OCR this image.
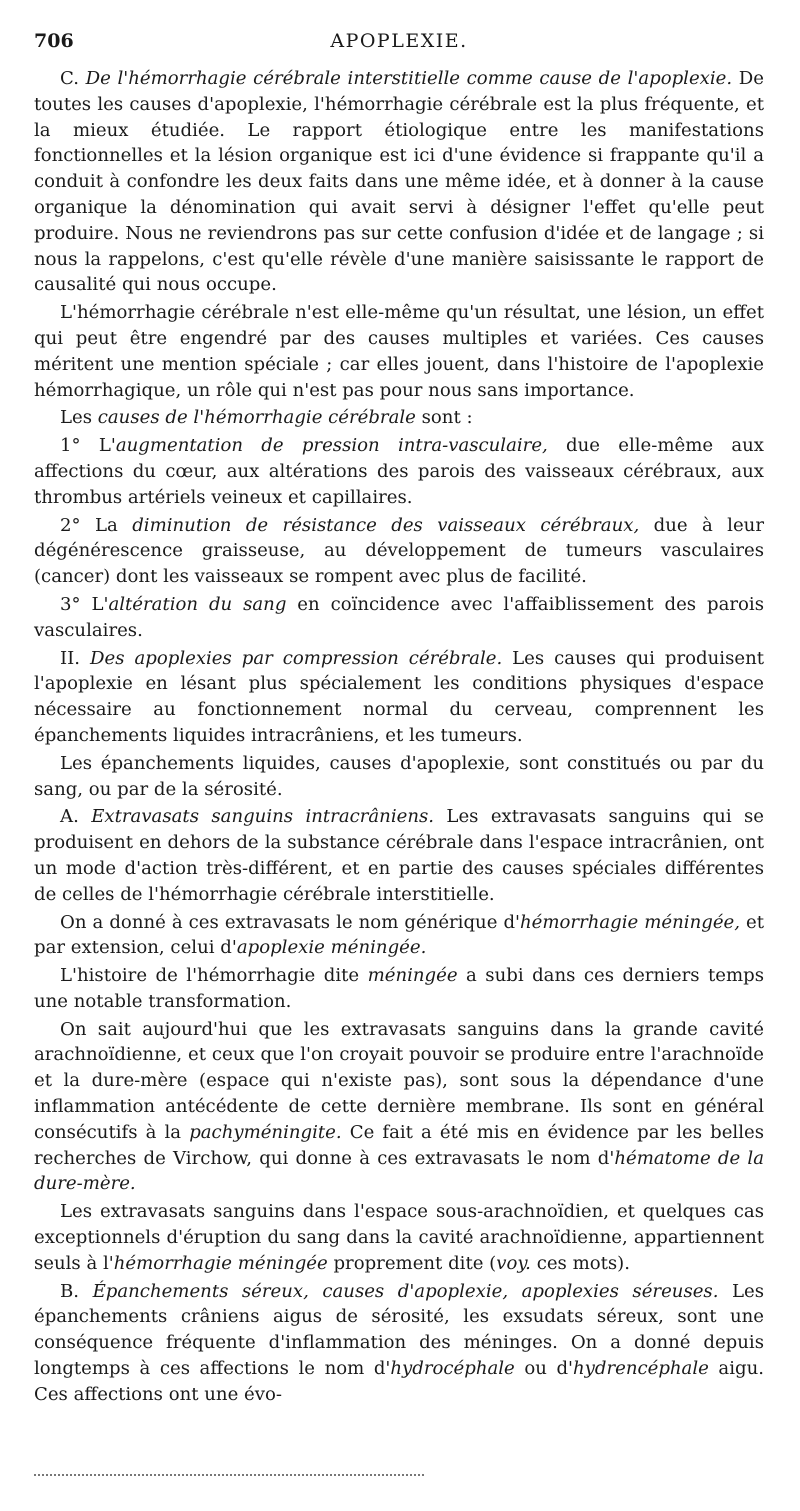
706	APOPLEXIE.

C. De l'hémorrhagie cérébrale interstitielle comme cause de l'apoplexie. De toutes les causes d'apoplexie, l'hémorrhagie cérébrale est la plus fréquente, et la mieux étudiée. Le rapport étiologique entre les manifestations fonctionnelles et la lésion organique est ici d'une évidence si frappante qu'il a conduit à confondre les deux faits dans une même idée, et à donner à la cause organique la dénomination qui avait servi à désigner l'effet qu'elle peut produire. Nous ne reviendrons pas sur cette confusion d'idée et de langage ; si nous la rappelons, c'est qu'elle révèle d'une manière saisissante le rapport de causalité qui nous occupe.

L'hémorrhagie cérébrale n'est elle-même qu'un résultat, une lésion, un effet qui peut être engendré par des causes multiples et variées. Ces causes méritent une mention spéciale ; car elles jouent, dans l'histoire de l'apoplexie hémorrhagique, un rôle qui n'est pas pour nous sans importance.

Les causes de l'hémorrhagie cérébrale sont :

1° L'augmentation de pression intra-vasculaire, due elle-même aux affections du cœur, aux altérations des parois des vaisseaux cérébraux, aux thrombus artériels veineux et capillaires.

2° La diminution de résistance des vaisseaux cérébraux, due à leur dégénérescence graisseuse, au développement de tumeurs vasculaires (cancer) dont les vaisseaux se rompent avec plus de facilité.

3° L'altération du sang en coïncidence avec l'affaiblissement des parois vasculaires.

II. Des apoplexies par compression cérébrale. Les causes qui produisent l'apoplexie en lésant plus spécialement les conditions physiques d'espace nécessaire au fonctionnement normal du cerveau, comprennent les épanchements liquides intracrâniens, et les tumeurs.

Les épanchements liquides, causes d'apoplexie, sont constitués ou par du sang, ou par de la sérosité.

A. Extravasats sanguins intracrâniens. Les extravasats sanguins qui se produisent en dehors de la substance cérébrale dans l'espace intracrânien, ont un mode d'action très-différent, et en partie des causes spéciales différentes de celles de l'hémorrhagie cérébrale interstitielle.

On a donné à ces extravasats le nom générique d'hémorrhagie méningée, et par extension, celui d'apoplexie méningée.

L'histoire de l'hémorrhagie dite méningée a subi dans ces derniers temps une notable transformation.

On sait aujourd'hui que les extravasats sanguins dans la grande cavité arachnoïdienne, et ceux que l'on croyait pouvoir se produire entre l'arachnoïde et la dure-mère (espace qui n'existe pas), sont sous la dépendance d'une inflammation antécédente de cette dernière membrane. Ils sont en général consécutifs à la pachyméningite. Ce fait a été mis en évidence par les belles recherches de Virchow, qui donne à ces extravasats le nom d'hématome de la dure-mère.

Les extravasats sanguins dans l'espace sous-arachnoïdien, et quelques cas exceptionnels d'éruption du sang dans la cavité arachnoïdienne, appartiennent seuls à l'hémorrhagie méningée proprement dite (voy. ces mots).

B. Épanchements séreux, causes d'apoplexie, apoplexies séreuses. Les épanchements crâniens aigus de sérosité, les exsudats séreux, sont une conséquence fréquente d'inflammation des méninges. On a donné depuis longtemps à ces affections le nom d'hydrocéphale ou d'hydrencéphale aigu. Ces affections ont une évo-
